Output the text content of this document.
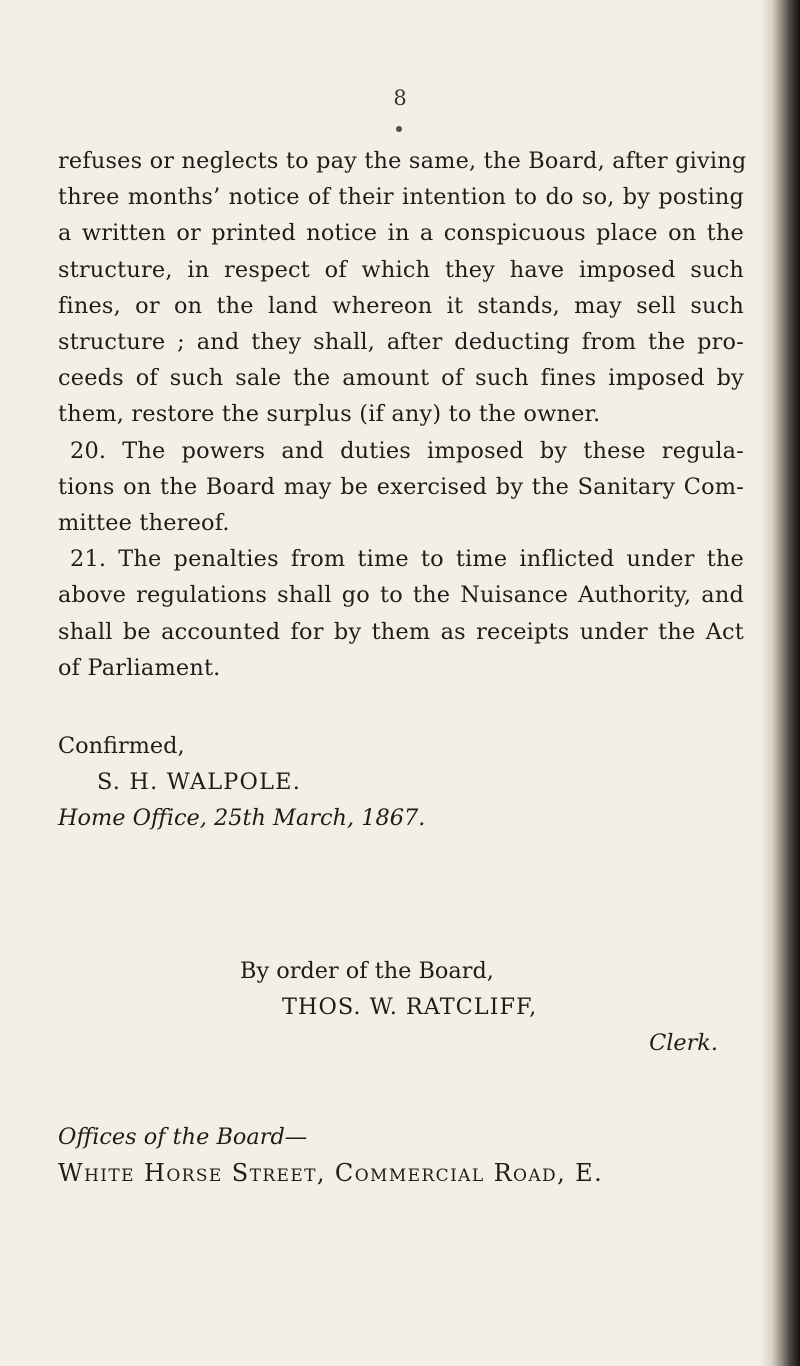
8
refuses or neglects to pay the same, the Board, after giving
three months’ notice of their intention to do so, by posting
a written or printed notice in a conspicuous place on the
structure, in respect of which they have imposed such
fines, or on the land whereon it stands, may sell such
structure ; and they shall, after deducting from the pro-
ceeds of such sale the amount of such fines imposed by
them, restore the surplus (if any) to the owner.
20. The powers and duties imposed by these regula-
tions on the Board may be exercised by the Sanitary Com-
mittee thereof.
21. The penalties from time to time inflicted under the
above regulations shall go to the Nuisance Authority, and
shall be accounted for by them as receipts under the Act
of Parliament.
Confirmed,
S. H. WALPOLE.
Home Office, 25th March, 1867.
By order of the Board,
THOS. W. RATCLIFF,
Clerk.
Offices of the Board—
White Horse Street, Commercial Road, E.
